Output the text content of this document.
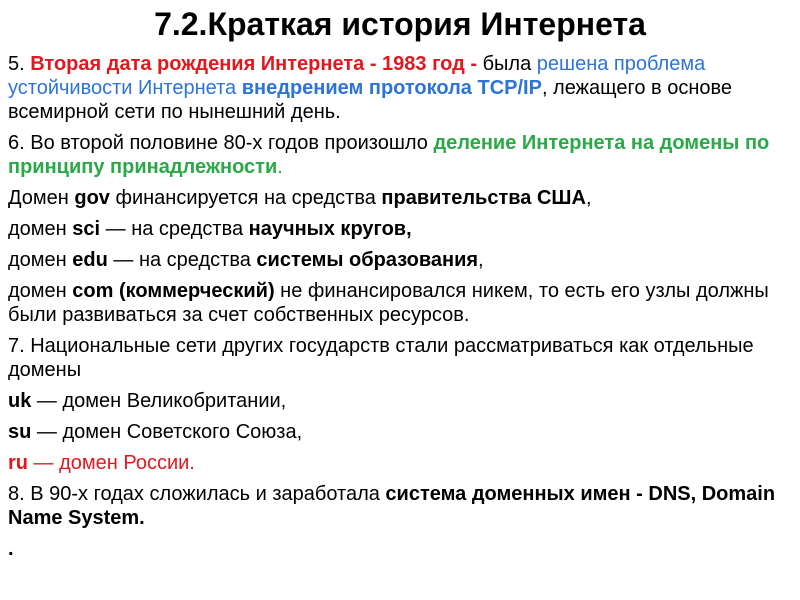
7.2.Краткая история Интернета

5. Вторая дата рождения Интернета - 1983 год - была решена проблема устойчивости Интернета внедрением протокола TCP/IP, лежащего в основе всемирной сети по нынешний день.

6. Во второй половине 80-х годов произошло деление Интернета на домены по принципу принадлежности.

Домен gov финансируется на средства правительства США,

домен sci — на средства научных кругов,

домен edu — на средства системы образования,

домен com (коммерческий) не финансировался никем, то есть его узлы должны были развиваться за счет собственных ресурсов.

7. Национальные сети других государств стали рассматриваться как отдельные домены

uk — домен Великобритании,

su — домен Советского Союза,

ru — домен России.

8. В 90-х годах сложилась и заработала система доменных имен - DNS, Domain Name System.

.
